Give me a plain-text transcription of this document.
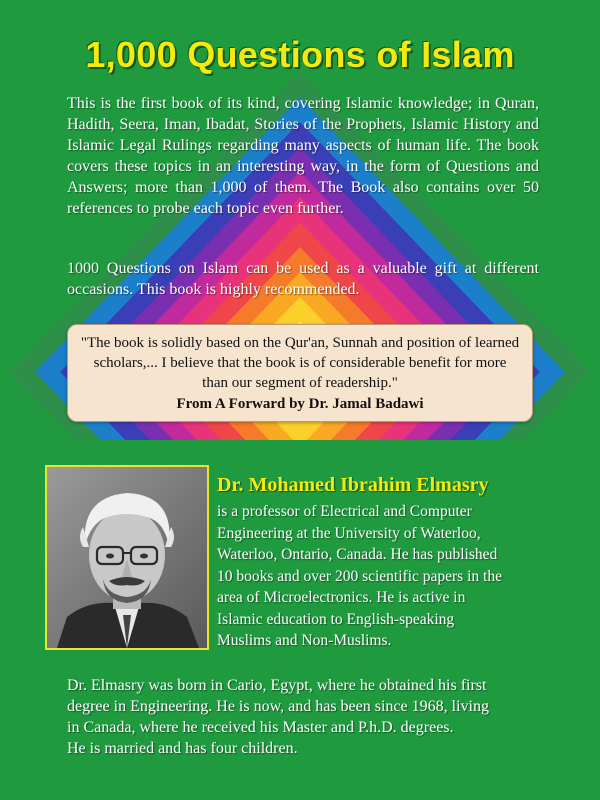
1,000 Questions of Islam
This is the first book of its kind, covering Islamic knowledge; in Quran, Hadith, Seera, Iman, Ibadat, Stories of the Prophets, Islamic History and Islamic Legal Rulings regarding many aspects of human life. The book covers these topics in an interesting way, in the form of Questions and Answers; more than 1,000 of them. The Book also contains over 50 references to probe each topic even further.
1000 Questions on Islam can be used as a valuable gift at different occasions. This book is highly recommended.
"The book is solidly based on the Qur'an, Sunnah and position of learned scholars,... I believe that the book is of considerable benefit for more than our segment of readership."
From A Forward by Dr. Jamal Badawi
Dr. Mohamed Ibrahim Elmasry
is a professor of Electrical and Computer
Engineering at the University of Waterloo,
Waterloo, Ontario, Canada. He has published
10 books and over 200 scientific papers in the
area of Microelectronics. He is active in
Islamic education to English-speaking
Muslims and Non-Muslims.
Dr. Elmasry was born in Cario, Egypt, where he obtained his first
degree in Engineering. He is now, and has been since 1968, living
in Canada, where he received his Master and P.h.D. degrees.
He is married and has four children.
